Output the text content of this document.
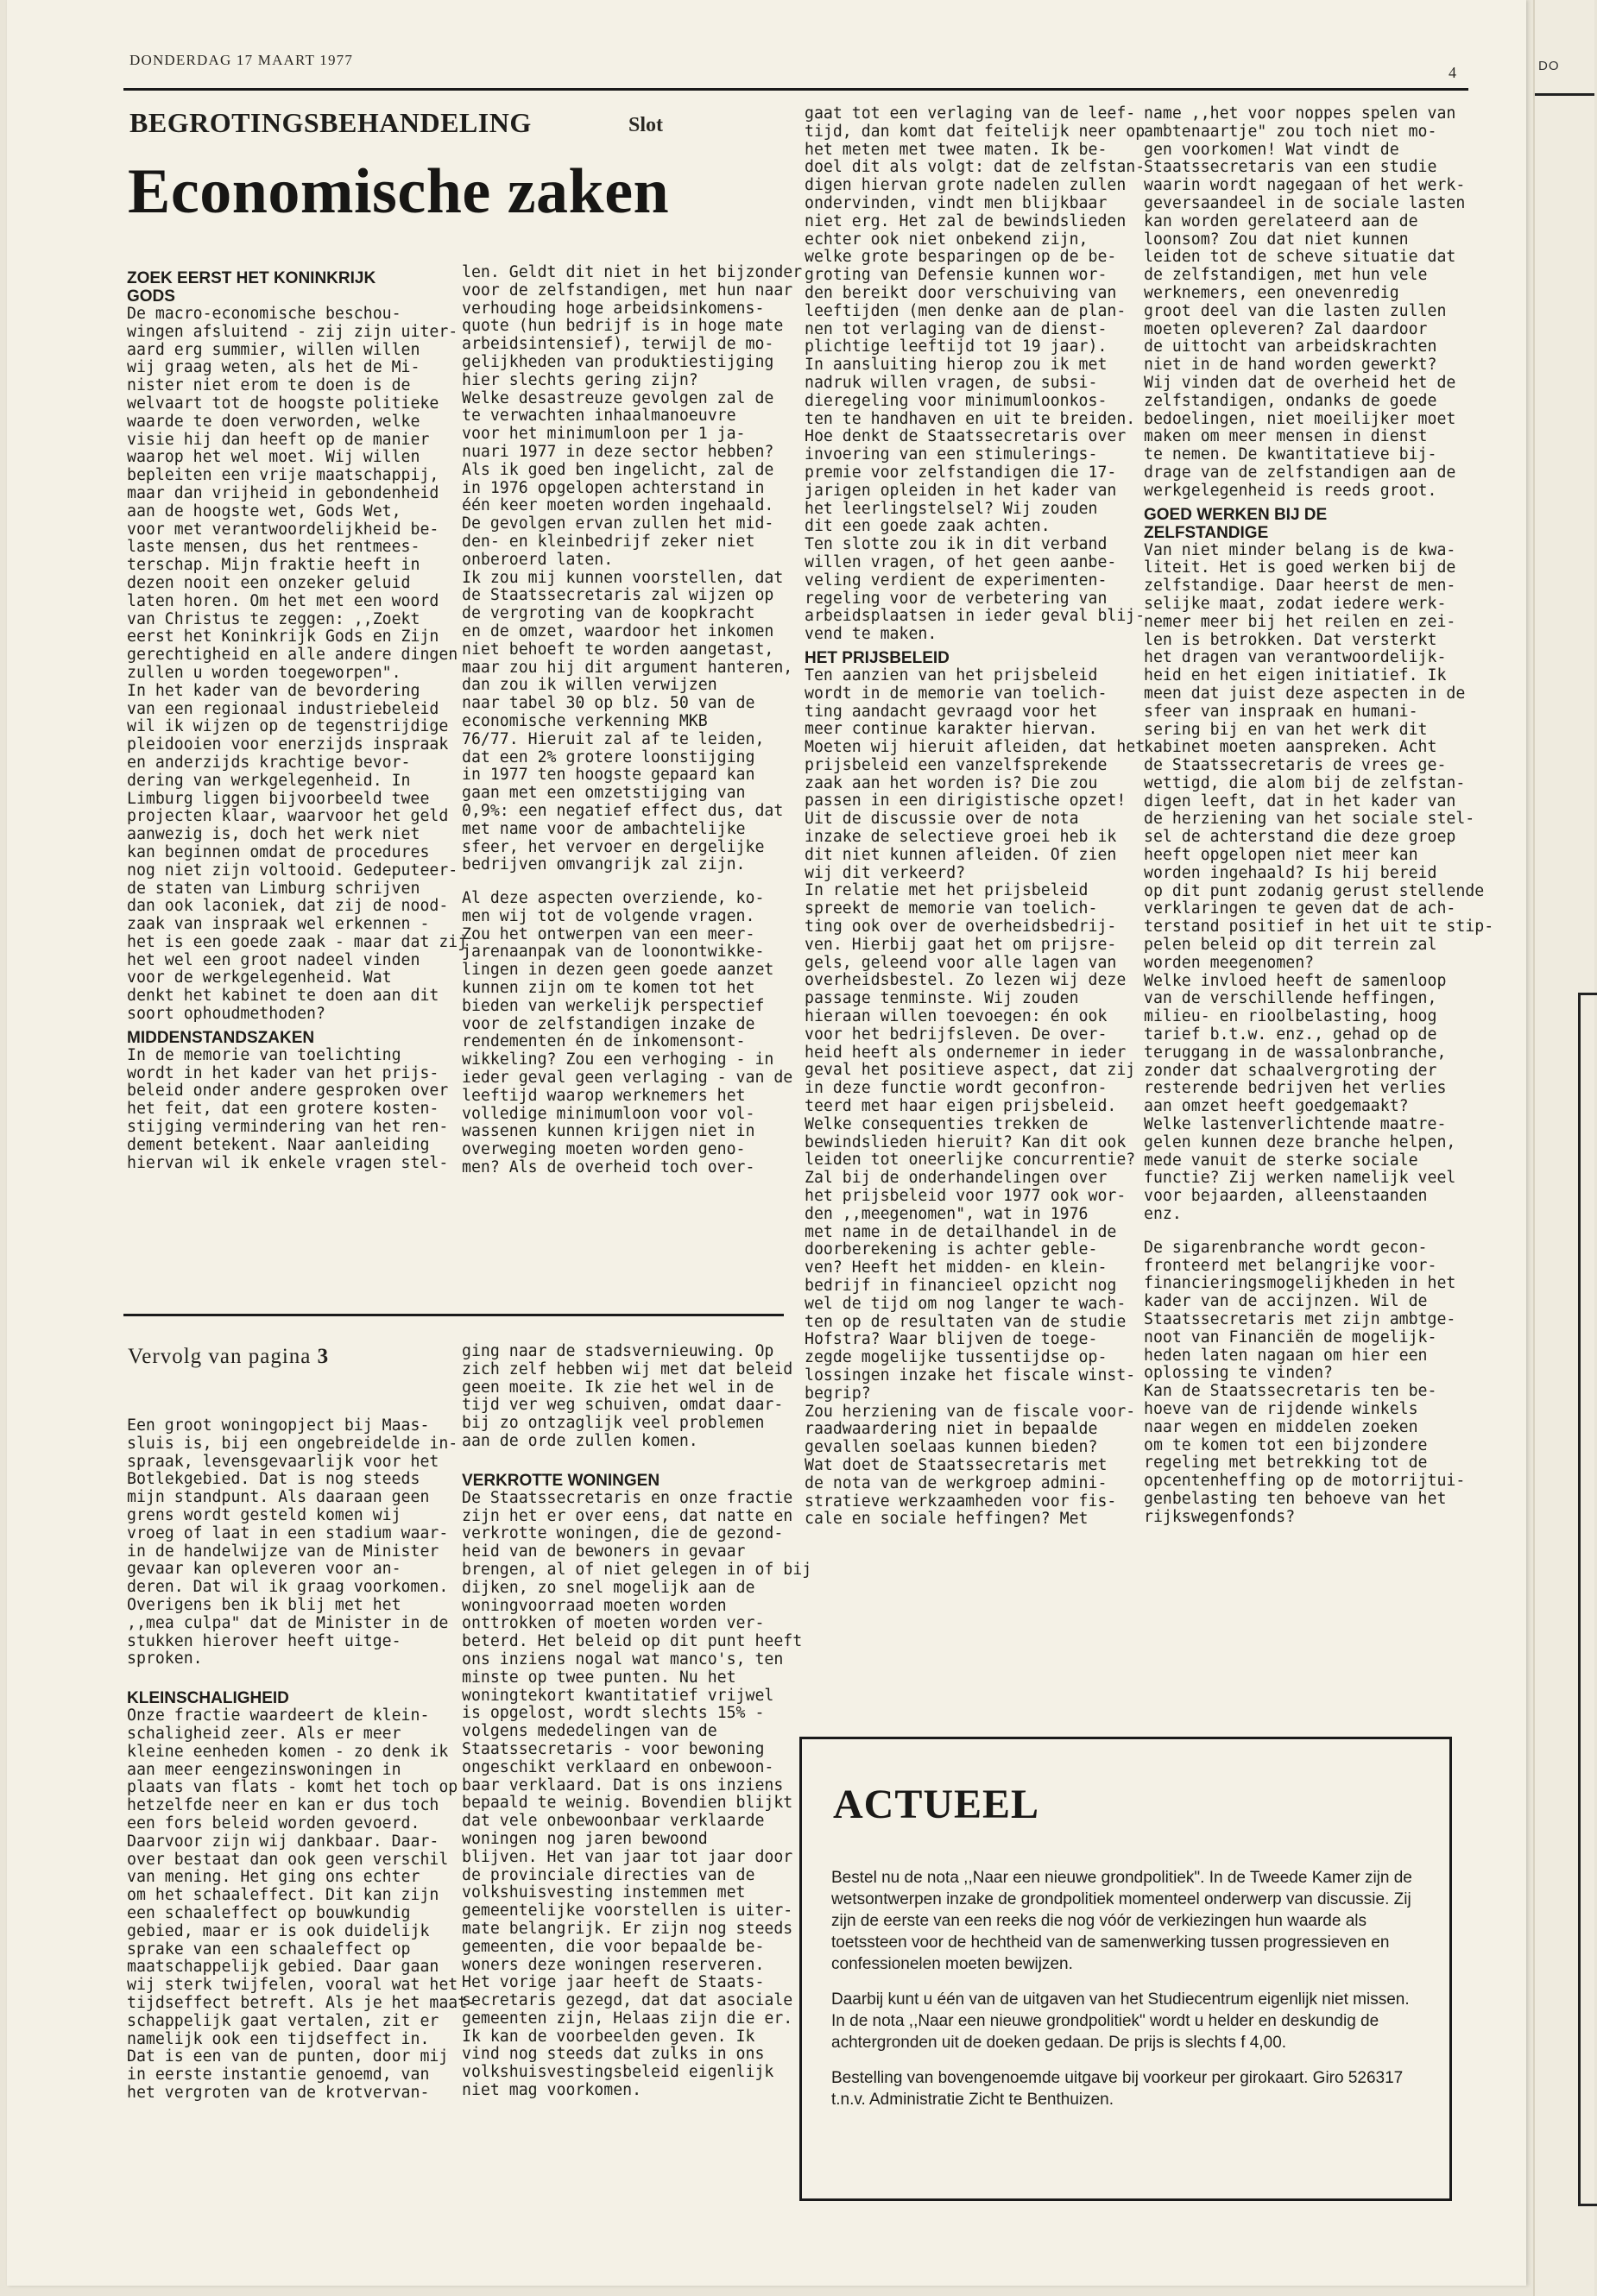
DO
DONDERDAG 17 MAART 1977
4
BEGROTINGSBEHANDELING	Slot
Economische zaken

ZOEK EERST HET KONINKRIJK
GODS

De macro-economische beschou-
wingen afsluitend - zij zijn uiter-
aard erg summier, willen willen
wij graag weten, als het de Mi-
nister niet erom te doen is de
welvaart tot de hoogste politieke
waarde te doen verworden, welke
visie hij dan heeft op de manier
waarop het wel moet. Wij willen
bepleiten een vrije maatschappij,
maar dan vrijheid in gebondenheid
aan de hoogste wet, Gods Wet,
voor met verantwoordelijkheid be-
laste mensen, dus het rentmees-
terschap. Mijn fraktie heeft in
dezen nooit een onzeker geluid
laten horen. Om het met een woord
van Christus te zeggen: ,,Zoekt
eerst het Koninkrijk Gods en Zijn
gerechtigheid en alle andere dingen
zullen u worden toegeworpen".
In het kader van de bevordering
van een regionaal industriebeleid
wil ik wijzen op de tegenstrijdige
pleidooien voor enerzijds inspraak
en anderzijds krachtige bevor-
dering van werkgelegenheid. In
Limburg liggen bijvoorbeeld twee
projecten klaar, waarvoor het geld
aanwezig is, doch het werk niet
kan beginnen omdat de procedures
nog niet zijn voltooid. Gedeputeer-
de staten van Limburg schrijven
dan ook laconiek, dat zij de nood-
zaak van inspraak wel erkennen -
het is een goede zaak - maar dat
het wel een groot nadeel vinden
voor de werkgelegenheid. Wat
denkt het kabinet te doen aan dit
soort ophoudmethoden?

MIDDENSTANDSZAKEN

In de memorie van toelichting
wordt in het kader van het prijs-
beleid onder andere gesproken over
het feit, dat een grotere kosten-
stijging vermindering van het ren-
dement betekent. Naar aanleiding
hiervan wil ik enkele vragen stel-

len. Geldt dit niet in het bijzonder
voor de zelfstandigen, met hun naar
verhouding hoge arbeidsinkomens-
quote (hun bedrijf is in hoge mate
arbeidsintensief), terwijl de mo-
gelijkheden van produktiestijging
hier slechts gering zijn?
Welke desastreuze gevolgen zal de
te verwachten inhaalmanoeuvre
voor het minimumloon per 1 ja-
nuari 1977 in deze sector hebben?
Als ik goed ben ingelicht, zal de
in 1976 opgelopen achterstand in
één keer moeten worden ingehaald.
De gevolgen ervan zullen het mid-
den- en kleinbedrijf zeker niet
onberoerd laten.
Ik zou mij kunnen voorstellen, dat
de Staatssecretaris zal wijzen op
de vergroting van de koopkracht
en de omzet, waardoor het inkomen
niet behoeft te worden aangetast,
maar zou hij dit argument hanteren,
dan zou ik willen verwijzen
naar tabel 30 op blz. 50 van de
economische verkenning MKB
76/77. Hieruit zal af te leiden,
dat een 2% grotere loonstijging
in 1977 ten hoogste gepaard kan
gaan met een omzetstijging van
0,9%: een negatief effect dus, dat
met name voor de ambachtelijke
sfeer, het vervoer en dergelijke
bedrijven omvangrijk zal zijn.

Al deze aspecten overziende, ko-
men wij tot de volgende vragen.
Zou het ontwerpen van een meer-
jarenaanpak van de loonontwikke-
lingen in dezen geen goede aanzet
kunnen zijn om te komen tot het
bieden van werkelijk perspectief
voor de zelfstandigen inzake de
rendementen én de inkomensont-
wikkeling? Zou een verhoging - in
ieder geval geen verlaging - van
leeftijd waarop werknemers het
volledige minimumloon voor vol-
wassenen kunnen krijgen niet in
overweging moeten worden geno-
men? Als de overheid toch over-

gaat tot een verlaging van de leef-
tijd, dan komt dat feitelijk neer
het meten met twee maten. Ik be-
doel dit als volgt: dat de zelfstan-
digen hiervan grote nadelen zullen
ondervinden, vindt men blijkbaar
niet erg. Het zal de bewindslieden
echter ook niet onbekend zijn,
welke grote besparingen op de be-
groting van Defensie kunnen wor-
den bereikt door verschuiving van
leeftijden (men denke aan de plan-
nen tot verlaging van de dienst-
plichtige leeftijd tot 19 jaar).
In aansluiting hierop zou ik met
nadruk willen vragen, de subsi-
dieregeling voor minimumloonkos-
ten te handhaven en uit te breiden.
Hoe denkt de Staatssecretaris over
invoering van een stimulerings-
premie voor zelfstandigen die 17-
jarigen opleiden in het kader van
het leerlingstelsel? Wij zouden
dit een goede zaak achten.
Ten slotte zou ik in dit verband
willen vragen, of het geen aanbe-
veling verdient de experimenten-
regeling voor de verbetering van
arbeidsplaatsen in ieder geval blij-
vend te maken.

HET PRIJSBELEID

Ten aanzien van het prijsbeleid
wordt in de memorie van toelich-
ting aandacht gevraagd voor het
meer continue karakter hiervan.
Moeten wij hieruit afleiden, dat
prijsbeleid een vanzelfsprekende
zaak aan het worden is? Die zou
passen in een dirigistische opzet!
Uit de discussie over de nota
inzake de selectieve groei heb ik
dit niet kunnen afleiden. Of zien
wij dit verkeerd?
In relatie met het prijsbeleid
spreekt de memorie van toelich-
ting ook over de overheidsbedrij-
ven. Hierbij gaat het om prijsre-
gels, geleend voor alle lagen van
overheidsbestel. Zo lezen wij deze
passage tenminste. Wij zouden
hieraan willen toevoegen: én ook
voor het bedrijfsleven. De over-
heid heeft als ondernemer in ieder
geval het positieve aspect, dat zij
in deze functie wordt geconfron-
teerd met haar eigen prijsbeleid.
Welke consequenties trekken de
bewindslieden hieruit? Kan dit ook
leiden tot oneerlijke concurrentie?
Zal bij de onderhandelingen over
het prijsbeleid voor 1977 ook wor-
den ,,meegenomen", wat in 1976
met name in de detailhandel in de
doorberekening is achter geble-
ven? Heeft het midden- en klein-
bedrijf in financieel opzicht nog
wel de tijd om nog langer te wach-
ten op de resultaten van de studie
Hofstra? Waar blijven de toege-
zegde mogelijke tussentijdse op-
lossingen inzake het fiscale winst-
begrip?
Zou herziening van de fiscale voor-
raadwaardering niet in bepaalde
gevallen soelaas kunnen bieden?
Wat doet de Staatssecretaris met
de nota van de werkgroep admini-
stratieve werkzaamheden voor fis-
cale en sociale heffingen? Met

name ,,het voor noppes spelen van
ambtenaartje" zou toch niet mo-
gen voorkomen! Wat vindt de
Staatssecretaris van een studie
waarin wordt nagegaan of het werk-
geversaandeel in de sociale lasten
kan worden gerelateerd aan de
loonsom? Zou dat niet kunnen
leiden tot de scheve situatie dat
de zelfstandigen, met hun vele
werknemers, een onevenredig
groot deel van die lasten zullen
moeten opleveren? Zal daardoor
de uittocht van arbeidskrachten
niet in de hand worden gewerkt?
Wij vinden dat de overheid het de
zelfstandigen, ondanks de goede
bedoelingen, niet moeilijker moet
maken om meer mensen in dienst
te nemen. De kwantitatieve bij-
drage van de zelfstandigen aan de
werkgelegenheid is reeds groot.

GOED WERKEN BIJ DE
ZELFSTANDIGE

Van niet minder belang is de kwa-
liteit. Het is goed werken bij de
zelfstandige. Daar heerst de men-
selijke maat, zodat iedere werk-
nemer meer bij het reilen en zei-
len is betrokken. Dat versterkt
het dragen van verantwoordelijk-
heid en het eigen initiatief. Ik
meen dat juist deze aspecten in de
sfeer van inspraak en humani-
sering bij en van het werk dit
kabinet moeten aanspreken. Acht
de Staatssecretaris de vrees ge-
wettigd, die alom bij de zelfstan-
digen leeft, dat in het kader van
de herziening van het sociale stel-
sel de achterstand die deze groep
heeft opgelopen niet meer kan
worden ingehaald? Is hij bereid
op dit punt zodanig gerust stellende
verklaringen te geven dat de ach-
terstand positief in het uit te
pelen beleid op dit terrein zal
worden meegenomen?
Welke invloed heeft de samenloop
van de verschillende heffingen,
milieu- en rioolbelasting, hoog
tarief b.t.w. enz., gehad op de
teruggang in de wassalonbranche,
zonder dat schaalvergroting der
resterende bedrijven het verlies
aan omzet heeft goedgemaakt?
Welke lastenverlichtende maatre-
gelen kunnen deze branche helpen,
mede vanuit de sterke sociale
functie? Zij werken namelijk veel
voor bejaarden, alleenstaanden
enz.

De sigarenbranche wordt gecon-
fronteerd met belangrijke voor-
financieringsmogelijkheden in het
kader van de accijnzen. Wil de
Staatssecretaris met zijn ambtge-
noot van Financiën de mogelijk-
heden laten nagaan om hier een
oplossing te vinden?
Kan de Staatssecretaris ten be-
hoeve van de rijdende winkels
naar wegen en middelen zoeken
om te komen tot een bijzondere
regeling met betrekking tot de
opcentenheffing op de motorrijtui-
genbelasting ten behoeve van het
rijkswegenfonds?

Vervolg van pagina 3

Een groot woningopject bij Maas-
sluis is, bij een ongebreidelde
spraak, levensgevaarlijk voor het
Botlekgebied. Dat is nog steeds
mijn standpunt. Als daaraan geen
grens wordt gesteld komen wij
vroeg of laat in een stadium waar-
in de handelwijze van de Minister
gevaar kan opleveren voor an-
deren. Dat wil ik graag voorkomen.
Overigens ben ik blij met het
,,mea culpa" dat de Minister in de
stukken hierover heeft uitge-
sproken.

KLEINSCHALIGHEID

Onze fractie waardeert de klein-
schaligheid zeer. Als er meer
kleine eenheden komen - zo denk ik
aan meer eengezinswoningen in
plaats van flats - komt het toch
hetzelfde neer en kan er dus toch
een fors beleid worden gevoerd.
Daarvoor zijn wij dankbaar. Daar-
over bestaat dan ook geen verschil
van mening. Het ging ons echter
om het schaaleffect. Dit kan zijn
een schaaleffect op bouwkundig
gebied, maar er is ook duidelijk
sprake van een schaaleffect op
maatschappelijk gebied. Daar gaan
wij sterk twijfelen, vooral wat
tijdseffect betreft. Als je het
schappelijk gaat vertalen, zit er
namelijk ook een tijdseffect in.
Dat is een van de punten, door mij
in eerste instantie genoemd, van
het vergroten van de krotvervan-

ging naar de stadsvernieuwing. Op
zich zelf hebben wij met dat beleid
geen moeite. Ik zie het wel in de
tijd ver weg schuiven, omdat daar-
bij zo ontzaglijk veel problemen
aan de orde zullen komen.

VERKROTTE WONINGEN

De Staatssecretaris en onze fractie
zijn het er over eens, dat natte
verkrotte woningen, die de gezond-
heid van de bewoners in gevaar
brengen, al of niet gelegen in of
dijken, zo snel mogelijk aan de
woningvoorraad moeten worden
onttrokken of moeten worden ver-
beterd. Het beleid op dit punt heeft
ons inziens nogal wat manco's, ten
minste op twee punten. Nu het
woningtekort kwantitatief vrijwel
is opgelost, wordt slechts 15% -
volgens mededelingen van de
Staatssecretaris - voor bewoning
ongeschikt verklaard en onbewoon-
baar verklaard. Dat is ons inziens
bepaald te weinig. Bovendien blijkt
dat vele onbewoonbaar verklaarde
woningen nog jaren bewoond
blijven. Het van jaar tot jaar door
de provinciale directies van de
volkshuisvesting instemmen met
gemeentelijke voorstellen is uiter-
mate belangrijk. Er zijn nog steeds
gemeenten, die voor bepaalde be-
woners deze woningen reserveren.
Het vorige jaar heeft de Staats-
secretaris gezegd, dat dat asociale
gemeenten zijn, Helaas zijn die er.
Ik kan de voorbeelden geven. Ik
vind nog steeds dat zulks in ons
volkshuisvestingsbeleid eigenlijk
niet mag voorkomen.

ACTUEEL

Bestel nu de nota ,,Naar een nieuwe grondpolitiek". In de Tweede Kamer zijn de wetsontwerpen inzake de grondpolitiek momenteel onderwerp van discussie. Zij zijn de eerste van een reeks die nog vóór de verkiezingen hun waarde als toetssteen voor de hechtheid van de samenwerking tussen progressieven en confessionelen moeten bewijzen.

Daarbij kunt u één van de uitgaven van het Studiecentrum eigenlijk niet missen. In de nota ,,Naar een nieuwe grondpolitiek" wordt u helder en deskundig de achtergronden uit de doeken gedaan. De prijs is slechts f 4,00.

Bestelling van bovengenoemde uitgave bij voorkeur per girokaart. Giro 526317 t.n.v. Administratie Zicht te Benthuizen.
